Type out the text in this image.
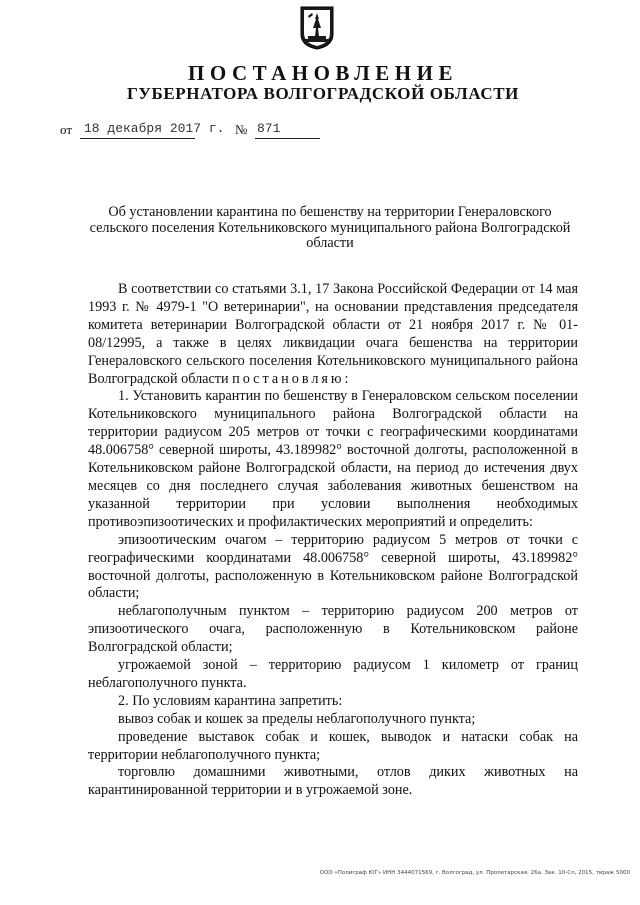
ПОСТАНОВЛЕНИЕ
ГУБЕРНАТОРА ВОЛГОГРАДСКОЙ ОБЛАСТИ
от 18 декабря 2017 г. № 871
Об установлении карантина по бешенству на территории Генераловского сельского поселения Котельниковского муниципального района Волгоградской области

В соответствии со статьями 3.1, 17 Закона Российской Федерации от 14 мая 1993 г. № 4979-1 "О ветеринарии", на основании представления председателя комитета ветеринарии Волгоградской области от 21 ноября 2017 г. № 01-08/12995, а также в целях ликвидации очага бешенства на территории Генераловского сельского поселения Котельниковского муниципального района Волгоградской области постановляю:

1. Установить карантин по бешенству в Генераловском сельском поселении Котельниковского муниципального района Волгоградской области на территории радиусом 205 метров от точки с географическими координатами 48.006758° северной широты, 43.189982° восточной долготы, расположенной в Котельниковском районе Волгоградской области, на период до истечения двух месяцев со дня последнего случая заболевания животных бешенством на указанной территории при условии выполнения необходимых противоэпизоотических и профилактических мероприятий и определить:

эпизоотическим очагом – территорию радиусом 5 метров от точки с географическими координатами 48.006758° северной широты, 43.189982° восточной долготы, расположенную в Котельниковском районе Волгоградской области;

неблагополучным пунктом – территорию радиусом 200 метров от эпизоотического очага, расположенную в Котельниковском районе Волгоградской области;

угрожаемой зоной – территорию радиусом 1 километр от границ неблагополучного пункта.

2. По условиям карантина запретить:

вывоз собак и кошек за пределы неблагополучного пункта;

проведение выставок собак и кошек, выводок и натаски собак на территории неблагополучного пункта;

торговлю домашними животными, отлов диких животных на карантинированной территории и в угрожаемой зоне.

ООО «Полиграф ЮГ» ИНН 3444071569, г. Волгоград, ул. Пролетарская, 26а. Зак. 10-Сп, 2015, тираж 5000
